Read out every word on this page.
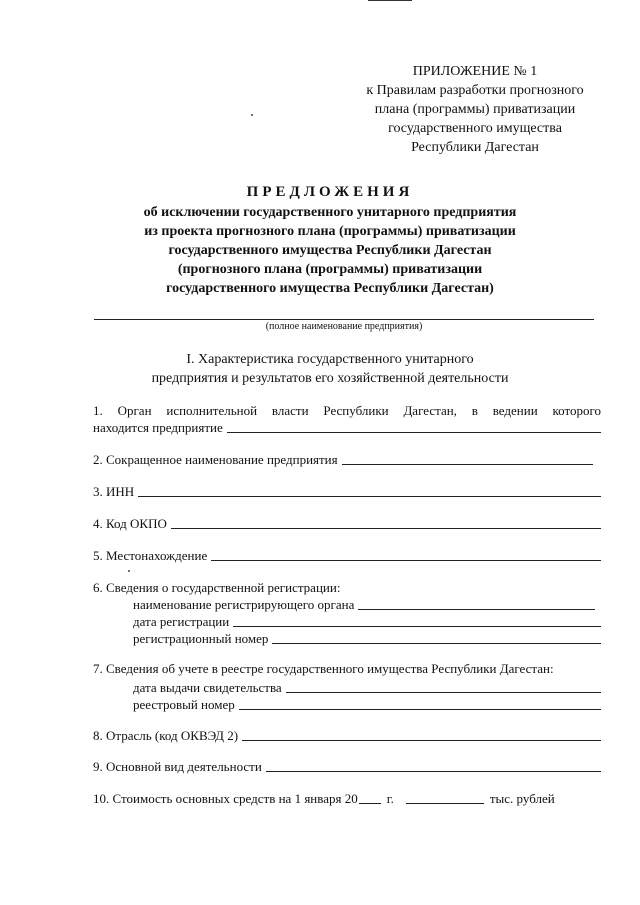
ПРИЛОЖЕНИЕ № 1
к Правилам разработки прогнозного
плана (программы) приватизации
государственного имущества
Республики Дагестан
ПРЕДЛОЖЕНИЯ
об исключении государственного унитарного предприятия
из проекта прогнозного плана (программы) приватизации
государственного имущества Республики Дагестан
(прогнозного плана (программы) приватизации
государственного имущества Республики Дагестан)
(полное наименование предприятия)
I. Характеристика государственного унитарного
предприятия и результатов его хозяйственной деятельности
1. Орган исполнительной власти Республики Дагестан, в ведении которого
находится предприятие
2. Сокращенное наименование предприятия
3. ИНН
4. Код ОКПО
5. Местонахождение
6. Сведения о государственной регистрации:
наименование регистрирующего органа
дата регистрации
регистрационный номер
7. Сведения об учете в реестре государственного имущества Республики Дагестан:
дата выдачи свидетельства
реестровый номер
8. Отрасль (код ОКВЭД 2)
9. Основной вид деятельности
10. Стоимость основных средств на 1 января 20 г.	тыс. рублей
